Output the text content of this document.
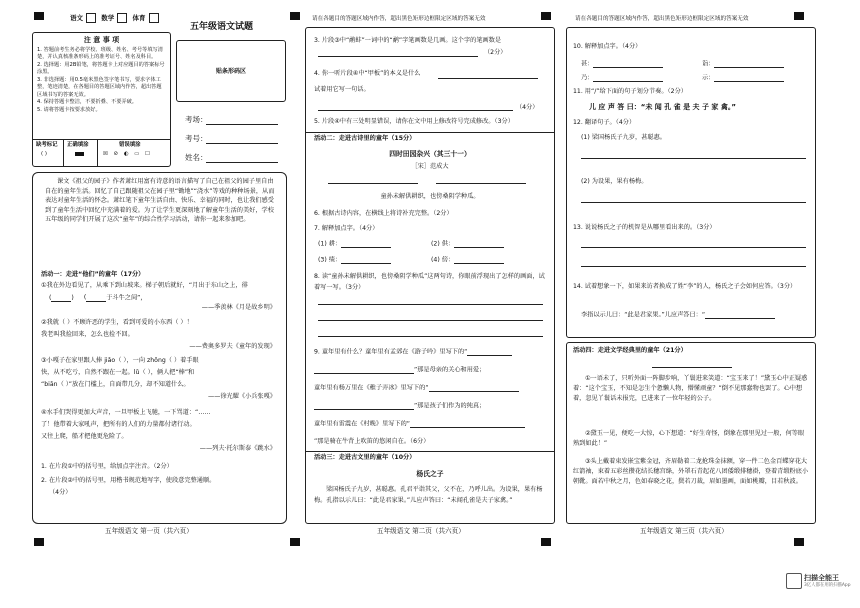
语文	数学	体育
注 意 事 项

1. 答题前考生务必将学校、班级、姓名、考号等填写清楚，并认真核准条形码上的准考证号、姓名及科目。

2. 选择题：用2B铅笔，将答题卡上对应题目的答案标号涂黑。

3. 非选择题：用0.5毫米黑色签字笔书写，要求字体工整，笔迹清楚，在各题目的答题区域内作答，超出答题区域书写的答案无效。

4. 保持答题卡整洁，不要折叠、不要弄破。

5. 请将答题卡按要求放好。

缺考标记
( )
正确填涂	错误填涂
☒ ⊘ ◐ ▭ ☐
五年级语文试题
贴条形码区
考场：
考号：
姓名：
课文《祖父的园子》作者萧红用富有诗意的语言描写了自己在祖父的园子里自由自在的童年生活。回忆了自己跟随祖父在园子里“锄地”“浇水”等戏的种种场景，从而表达对童年生活的怀念。萧红笔下童年生活自由、快乐、幸福的同时，也让我们感受到了童年生活中回忆中充满着的爱。为了让学生更深刻地了解童年生活的美好，学校五年级的同学们开展了这次“童年”的综合性学习活动，请你一起来参加吧。
活动一：走进“他们”的童年（17分）
①我在外边看见了，从乘下到山坡来。梯子朝后就好，“月出于东山之上，徘
(	) (	于斗牛之间”，
——季羡林《月是故乡明》
②我就（ ）不顾许恶的学生，看到可爱的小东西（ ）！
我老叫我捡回来，怎么也捡不回。
——费奥多罗夫《童年的发现》
③小嘎子在家里跟人捧 jiǎo（ ），一向 zhōng（ ）着手眼
快，从不吃亏，自然不跟在一起。lǔ（ ），俩人把“棒”和
“biān（ ）”放在门槛上，自面带几分，却不知道什么。
——徐光耀《小兵张嘎》
④水手们哭得更加大声音，一旦甲板上飞驰，一下骂道：“……
了！他带着大家吼声，把所有的人们的力量都付诸行动。
又往上爬，船才把他更危险了。
——列夫·托尔斯泰《跳水》
1. 在片段①中的括号里，给加点字注音。（2分）
2. 在片段②中的括号里，用楷书规范地写字，使段意完整通顺。
（4分）
五年级语文 第一页（共六页）
请在各题目的答题区域内作答，超出黑色矩形边框限定区域的答案无效
3. 片段③中“鹬蚌”一词中的“鹬”字笔画数是几画。这个字的笔画数是
（2分）
4. 你一听片段④中“甲板”的本义是什么
试着用它写一句话。
（4分）
5. 片段④中有三处明显错误，请你在文中用上修改符号完成修改。（3分）
活动二：走进古诗里的童年（15分）
四时田园杂兴（其三十一）
［宋］范成大
童孙未解供耕织，也傍桑阴学种瓜。
6. 根据古诗内容，在横线上将诗补充完整。（2分）
7. 解释加点字。（4分）
(1) 耕：	(2) 供：
(3) 绩：	(4) 傍：
8. 读“童孙未解供耕织，也傍桑阴学种瓜”这两句诗，你眼前浮现出了怎样的画面，试着写一写。（3分）
9. 童年里有什么？童年里有孟郊在《游子吟》里写下的“
”那是母亲的关心和用爱；
童年里有杨万里在《稚子弄冰》里写下的“
”那是孩子们作为的纯真；
童年里有雷震在《村晚》里写下的“
”那是骑在牛背上吹笛的悠闲自在。（6分）
活动三：走进古文里的童年（10分）
杨氏之子
梁国杨氏子九岁，甚聪惠。孔君平诣其父，父不在，乃呼儿出。为设果，果有杨梅。孔指以示儿曰：“此是君家果。”儿应声答曰：“未闻孔雀是夫子家禽。”
五年级语文 第二页（共六页）
请在各题目的答题区域内作答，超出黑色矩形边框限定区域的答案无效
10. 解释加点字。（4分）
甚：	诣：
乃：	示：
11. 用“/”给下面的句子划分节奏。（2分）
儿 应 声 答 曰：“未 闻 孔 雀 是 夫 子 家 禽。”
12. 翻译句子。（4分）
(1) 梁国杨氏子九岁，甚聪惠。
(2) 为设果，果有杨梅。
13. 说说杨氏之子的机智是从哪里看出来的。（3分）
14. 试着想象一下，如果来访者换成了姓“李”的人，杨氏之子会如何应答。（3分）
李指以示儿曰：“此是君家果。”儿应声答曰：“
活动四：走进文学经典里的童年（21分）
①一语未了，只听外面一阵脚步响，丫鬟进来笑道：“宝玉来了！”黛玉心中正疑惑着：“这个宝玉，不知是怎生个惫懒人物，懵懂顽童？”倒不见那蠢物也罢了。心中想着，忽见丫鬟话未报完，已进来了一位年轻的公子。
②黛玉一见，便吃一大惊，心下想道：“好生奇怪，倒象在那里见过一般，何等眼熟到如此！”
③头上戴着束发嵌宝紫金冠，齐眉勒着二龙抢珠金抹额，穿一件二色金百蝶穿花大红箭袖，束着五彩丝攒花结长穗宫绦，外罩石青起花八团倭缎排穗褂，登着青缎粉底小朝靴。面若中秋之月，色如春晓之花，鬓若刀裁，眉如墨画，面如桃瓣，目若秋波。
五年级语文 第三页（共六页）
扫描全能王
3亿人都在用的扫描App
